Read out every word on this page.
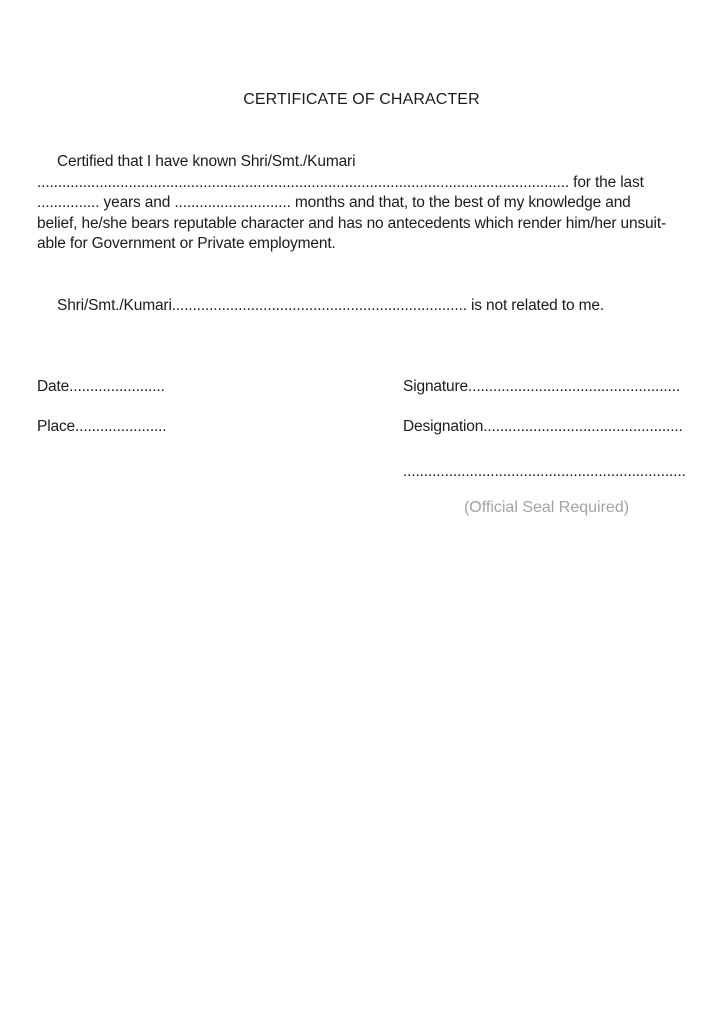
CERTIFICATE OF CHARACTER
Certified that I have known Shri/Smt./Kumari
................................................................................................................................ for the last
............... years and ............................ months and that, to the best of my knowledge and
belief, he/she bears reputable character and has no antecedents which render him/her unsuit-
able for Government or Private employment.
Shri/Smt./Kumari....................................................................... is not related to me.
Date.......................
Place......................
Signature...................................................
Designation................................................
....................................................................
(Official Seal Required)
